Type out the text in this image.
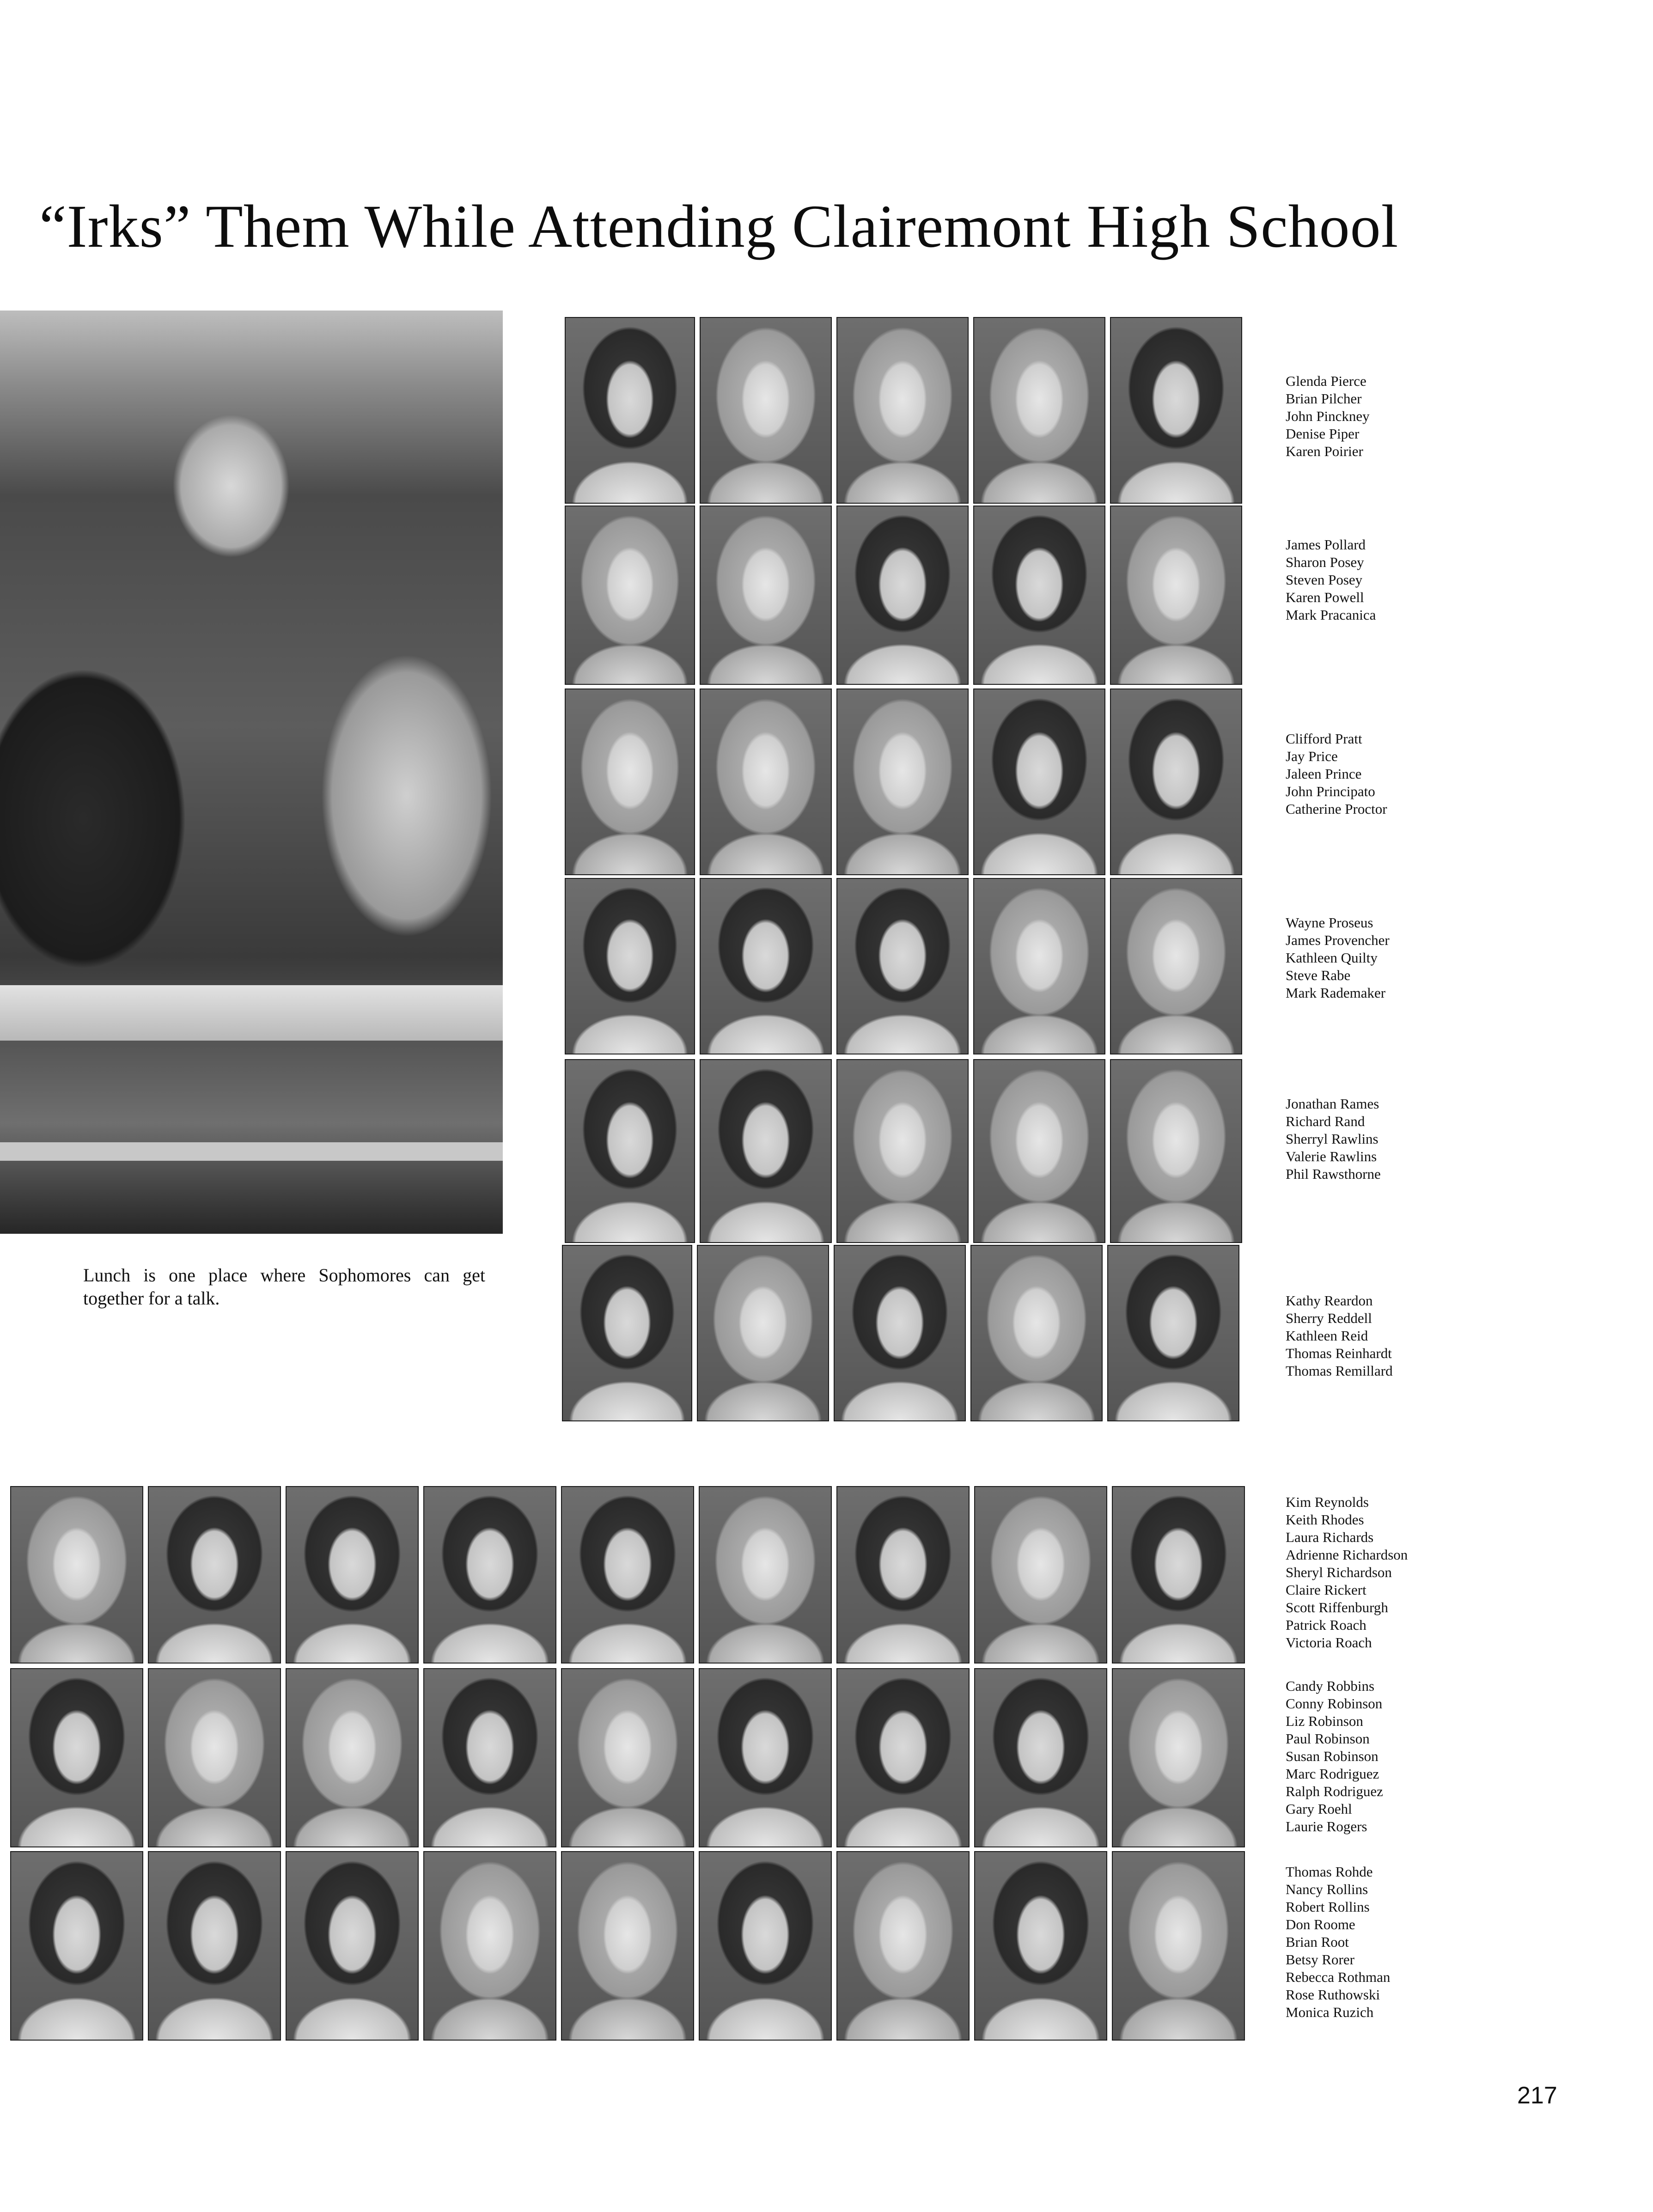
“Irks” Them While Attending Clairemont High School

Lunch is one place where Sophomores can get together for a talk.

Glenda Pierce
Brian Pilcher
John Pinckney
Denise Piper
Karen Poirier
James Pollard
Sharon Posey
Steven Posey
Karen Powell
Mark Pracanica
Clifford Pratt
Jay Price
Jaleen Prince
John Principato
Catherine Proctor
Wayne Proseus
James Provencher
Kathleen Quilty
Steve Rabe
Mark Rademaker
Jonathan Rames
Richard Rand
Sherryl Rawlins
Valerie Rawlins
Phil Rawsthorne
Kathy Reardon
Sherry Reddell
Kathleen Reid
Thomas Reinhardt
Thomas Remillard
Kim Reynolds
Keith Rhodes
Laura Richards
Adrienne Richardson
Sheryl Richardson
Claire Rickert
Scott Riffenburgh
Patrick Roach
Victoria Roach
Candy Robbins
Conny Robinson
Liz Robinson
Paul Robinson
Susan Robinson
Marc Rodriguez
Ralph Rodriguez
Gary Roehl
Laurie Rogers
Thomas Rohde
Nancy Rollins
Robert Rollins
Don Roome
Brian Root
Betsy Rorer
Rebecca Rothman
Rose Ruthowski
Monica Ruzich
217
